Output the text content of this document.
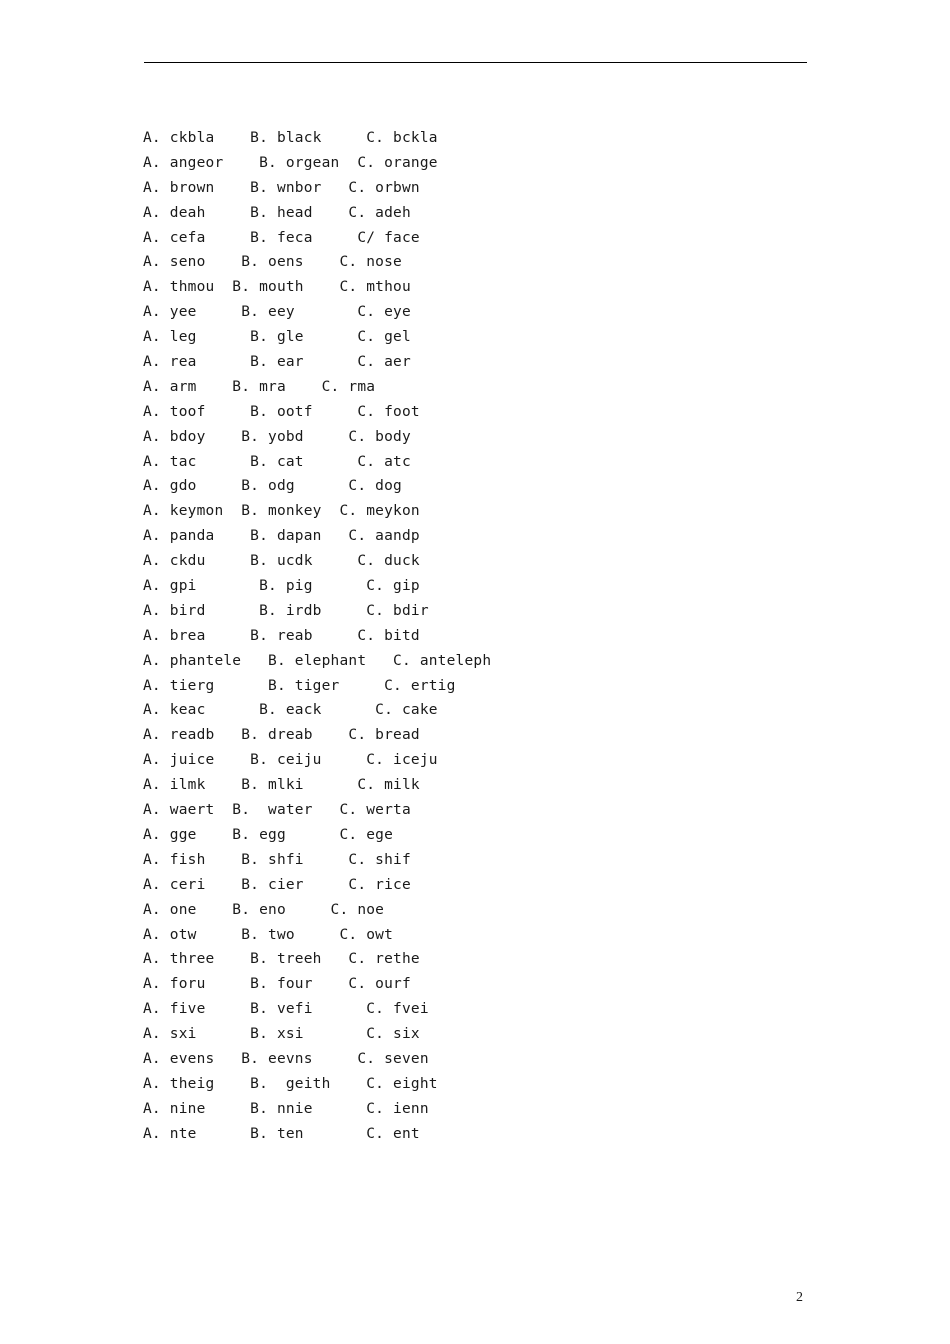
A. ckbla    B. black     C. bckla
A. angeor    B. orgean  C. orange
A. brown    B. wnbor   C. orbwn
A. deah     B. head    C. adeh
A. cefa     B. feca     C/ face
A. seno    B. oens    C. nose
A. thmou  B. mouth    C. mthou
A. yee     B. eey       C. eye
A. leg      B. gle      C. gel
A. rea      B. ear      C. aer
A. arm    B. mra    C. rma
A. toof     B. ootf     C. foot
A. bdoy    B. yobd     C. body
A. tac      B. cat      C. atc
A. gdo     B. odg      C. dog
A. keymon  B. monkey  C. meykon
A. panda    B. dapan   C. aandp
A. ckdu     B. ucdk     C. duck
A. gpi       B. pig      C. gip
A. bird      B. irdb     C. bdir
A. brea     B. reab     C. bitd
A. phantele   B. elephant   C. anteleph
A. tierg      B. tiger     C. ertig
A. keac      B. eack      C. cake
A. readb   B. dreab    C. bread
A. juice    B. ceiju     C. iceju
A. ilmk    B. mlki      C. milk
A. waert  B.  water   C. werta
A. gge    B. egg      C. ege
A. fish    B. shfi     C. shif
A. ceri    B. cier     C. rice
A. one    B. eno     C. noe
A. otw     B. two     C. owt
A. three    B. treeh   C. rethe
A. foru     B. four    C. ourf
A. five     B. vefi      C. fvei
A. sxi      B. xsi       C. six
A. evens   B. eevns     C. seven
A. theig    B.  geith    C. eight
A. nine     B. nnie      C. ienn
A. nte      B. ten       C. ent
2
